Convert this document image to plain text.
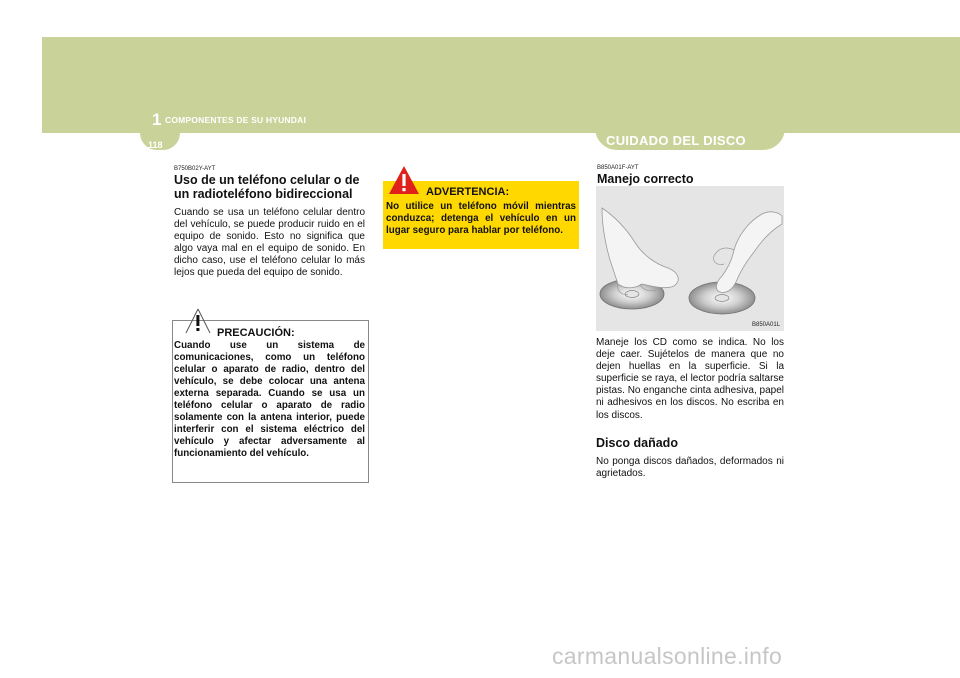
1 COMPONENTES DE SU HYUNDAI
118	CUIDADO DEL DISCO
B750B02Y-AYT
Uso de un teléfono celular o de
un radioteléfono bidireccional
Cuando se usa un teléfono celular dentro del vehículo, se puede producir ruido en el equipo de sonido. Esto no significa que algo vaya mal en el equipo de sonido. En dicho caso, use el teléfono celular lo más lejos que pueda del equipo de sonido.
PRECAUCIÓN:
Cuando use un sistema de comunicaciones, como un teléfono celular o aparato de radio, dentro del vehículo, se debe colocar una antena externa separada. Cuando se usa un teléfono celular o aparato de radio solamente con la antena interior, puede interferir con el sistema eléctrico del vehículo y afectar adversamente al funcionamiento del vehículo.
ADVERTENCIA:
No utilice un teléfono móvil mientras conduzca; detenga el vehículo en un lugar seguro para hablar por teléfono.
B850A01F-AYT
Manejo correcto
B850A01L
Maneje los CD como se indica. No los deje caer. Sujételos de manera que no dejen huellas en la superficie. Si la superficie se raya, el lector podría saltarse pistas. No enganche cinta adhesiva, papel ni adhesivos en los discos. No escriba en los discos.
Disco dañado
No ponga discos dañados, deformados ni agrietados.
carmanualsonline.info
